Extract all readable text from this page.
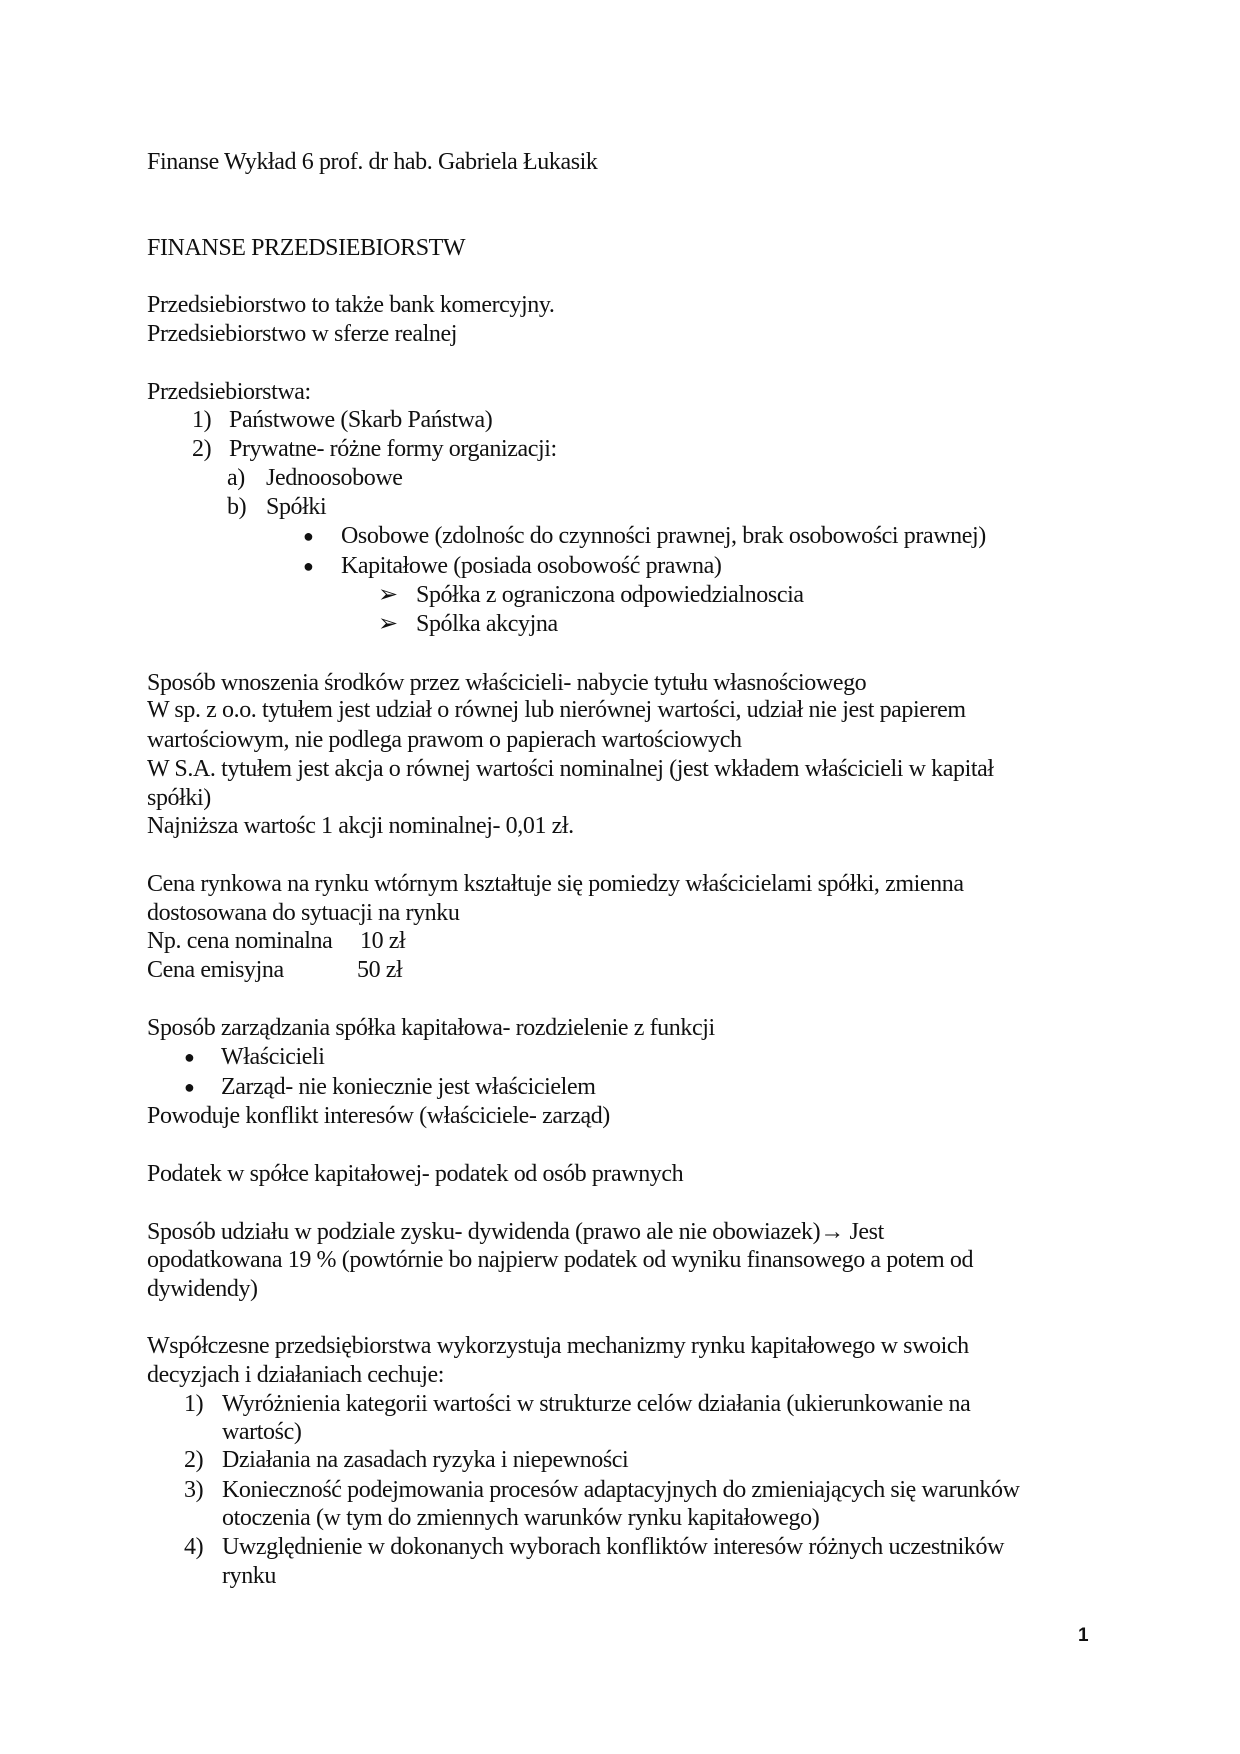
Finanse Wykład 6 prof. dr hab. Gabriela Łukasik
FINANSE PRZEDSIEBIORSTW
Przedsiebiorstwo to także bank komercyjny.
Przedsiebiorstwo w sferze realnej
Przedsiebiorstwa:
1) Państwowe (Skarb Państwa)
2) Prywatne- różne formy organizacji:
a) Jednoosobowe
b) Spółki
● Osobowe (zdolnośc do czynności prawnej, brak osobowości prawnej)
● Kapitałowe (posiada osobowość prawna)
➢ Spółka z ograniczona odpowiedzialnoscia
➢ Spólka akcyjna
Sposób wnoszenia środków przez właścicieli- nabycie tytułu własnościowego
W sp. z o.o. tytułem jest udział o równej lub nierównej wartości, udział nie jest papierem
wartościowym, nie podlega prawom o papierach wartościowych
W S.A. tytułem jest akcja o równej wartości nominalnej (jest wkładem właścicieli w kapitał
spółki)
Najniższa wartośc 1 akcji nominalnej- 0,01 zł.
Cena rynkowa na rynku wtórnym kształtuje się pomiedzy właścicielami spółki, zmienna
dostosowana do sytuacji na rynku
Np. cena nominalna 10 zł
Cena emisyjna	50 zł
Sposób zarządzania spółka kapitałowa- rozdzielenie z funkcji
● Właścicieli
● Zarząd- nie koniecznie jest właścicielem
Powoduje konflikt interesów (właściciele- zarząd)
Podatek w spółce kapitałowej- podatek od osób prawnych
Sposób udziału w podziale zysku- dywidenda (prawo ale nie obowiazek)→ Jest
opodatkowana 19 % (powtórnie bo najpierw podatek od wyniku finansowego a potem od
dywidendy)
Współczesne przedsiębiorstwa wykorzystuja mechanizmy rynku kapitałowego w swoich
decyzjach i działaniach cechuje:
1) Wyróżnienia kategorii wartości w strukturze celów działania (ukierunkowanie na
wartośc)
2) Działania na zasadach ryzyka i niepewności
3) Konieczność podejmowania procesów adaptacyjnych do zmieniających się warunków
otoczenia (w tym do zmiennych warunków rynku kapitałowego)
4) Uwzględnienie w dokonanych wyborach konfliktów interesów różnych uczestników
rynku
1
